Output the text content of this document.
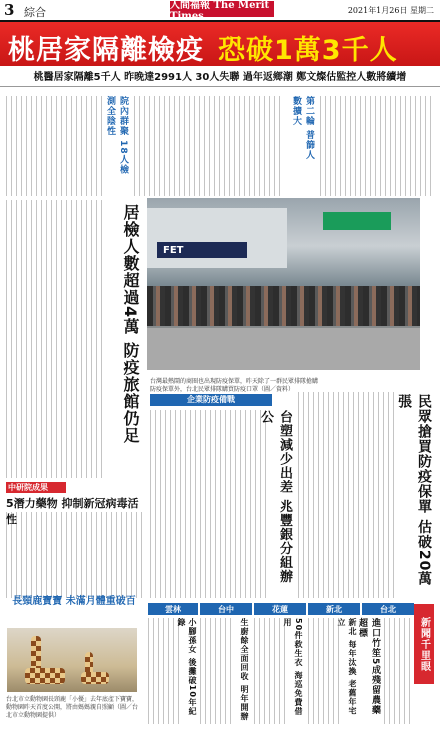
3 綜合
人間福報 The Merit Times
2021年1月26日 星期二
桃居家隔離檢疫 恐破1萬3千人
桃醫居家隔離5千人 昨晚達2991人 30人失聯 過年返鄉潮 鄭文燦估監控人數將續增
院內群聚 18人檢測全陰性	第二輪 普篩人數擴大
居檢人數超過4萬 防疫旅館仍足	FET
台灣最熱鬧的商圈也出現防疫保單，昨天除了一群民眾排隊搶購防疫保單外，台北民眾排隊購買防疫口罩（圖／資料）
企業防疫備戰
台塑減少出差 兆豐銀分組辦公	民眾搶買防疫保單 估破20萬張
中研院成果
5潛力藥物 抑制新冠病毒活性
長頸鹿寶寶 未滿月體重破百
台北市立動物園長頸鹿「小優」去年底產下寶寶，動物園昨天首度公開，將由媽媽親自照顧（圖／台北市立動物園提供）
雲林	台中	花蓮	新北	台北
小腳孫女 後攤破10年紀錄	生廚餘全面回收 明年開辦	50件救生衣 海巡免費借用	新北 每年汰換 老舊年宅立	進口竹笙5成殘留農藥超標	新聞千里眼
